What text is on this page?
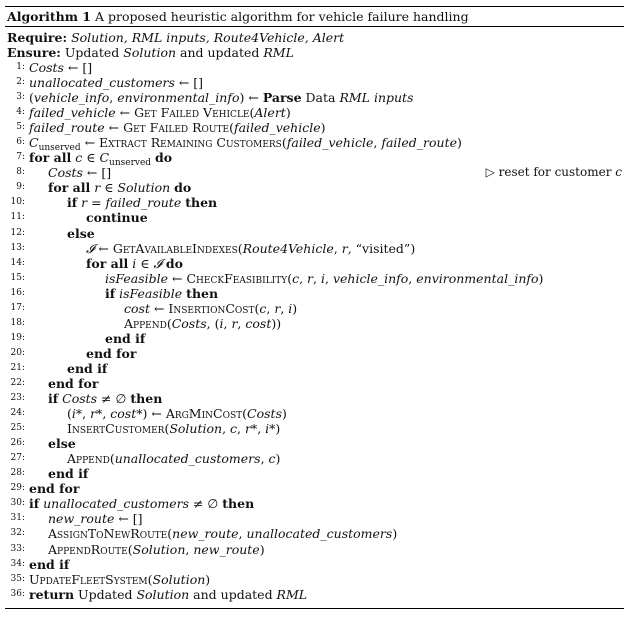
Algorithm 1 A proposed heuristic algorithm for vehicle failure handling
Require: Solution, RML inputs, Route4Vehicle, Alert
Ensure: Updated Solution and updated RML
1: Costs ← []
2: unallocated_customers ← []
3: (vehicle_info, environmental_info) ← Parse Data RML inputs
4: failed_vehicle ← Get Failed Vehicle(Alert)
5: failed_route ← Get Failed Route(failed_vehicle)
6: $C_{unserved}$ ← Extract Remaining Customers(failed_vehicle, failed_route)
7: for all c ∈ $C_{unserved}$ do
8: Costs ← []	▷ reset for customer c
9: for all r ∈ Solution do
10:	if r = failed_route then
11:	continue
12:	else
13:	𝓘 ← GetAvailableIndexes(Route4Vehicle, r, “visited”)
14:	for all i ∈ 𝓘 do
15:	isFeasible ← CheckFeasibility(c, r, i, vehicle_info, environmental_info)
16:	if isFeasible then
17:	cost ← InsertionCost(c, r, i)
18:	Append(Costs, (i, r, cost))
19:	end if
20:	end for
21:	end if
22: end for
23: if Costs ≠ ∅ then
24:	(i*, r*, cost*) ← ArgMinCost(Costs)
25:	InsertCustomer(Solution, c, r*, i*)
26: else
27:	Append(unallocated_customers, c)
28: end if
29: end for
30: if unallocated_customers ≠ ∅ then
31: new_route ← []
32: AssignToNewRoute(new_route, unallocated_customers)
33: AppendRoute(Solution, new_route)
34: end if
35: UpdateFleetSystem(Solution)
36: return Updated Solution and updated RML
